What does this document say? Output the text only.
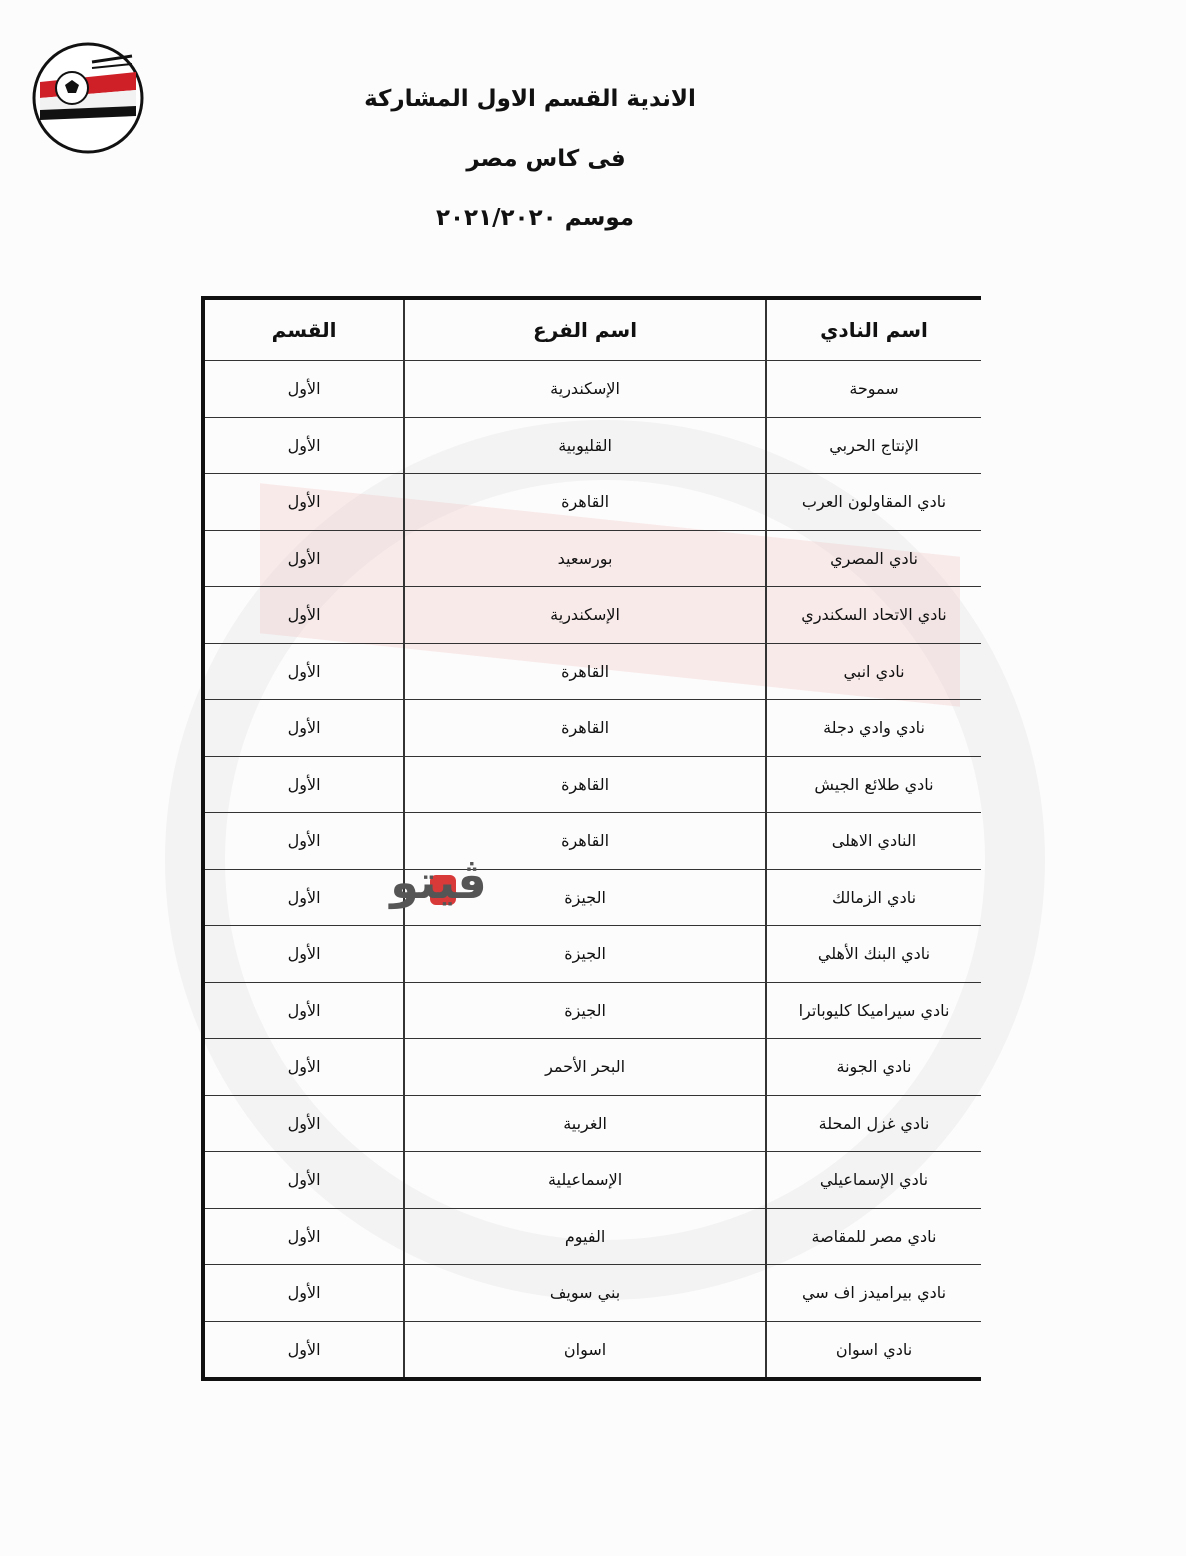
الاندية القسم الاول المشاركة
فى كاس مصر
موسم ٢٠٢١/٢٠٢٠
اسم النادي	اسم الفرع	القسم
سموحة	الإسكندرية	الأول
الإنتاج الحربي	القليوبية	الأول
نادي المقاولون العرب	القاهرة	الأول
نادي المصري	بورسعيد	الأول
نادي الاتحاد السكندري	الإسكندرية	الأول
نادي انبي	القاهرة	الأول
نادي وادي دجلة	القاهرة	الأول
نادي طلائع الجيش	القاهرة	الأول
النادي الاهلى	القاهرة	الأول
نادي الزمالك	الجيزة	الأول
نادي البنك الأهلي	الجيزة	الأول
نادي سيراميكا كليوباترا	الجيزة	الأول
نادي الجونة	البحر الأحمر	الأول
نادي غزل المحلة	الغربية	الأول
نادي الإسماعيلي	الإسماعيلية	الأول
نادي مصر للمقاصة	الفيوم	الأول
نادي بيراميدز اف سي	بني سويف	الأول
نادي اسوان	اسوان	الأول
ڤيتو
